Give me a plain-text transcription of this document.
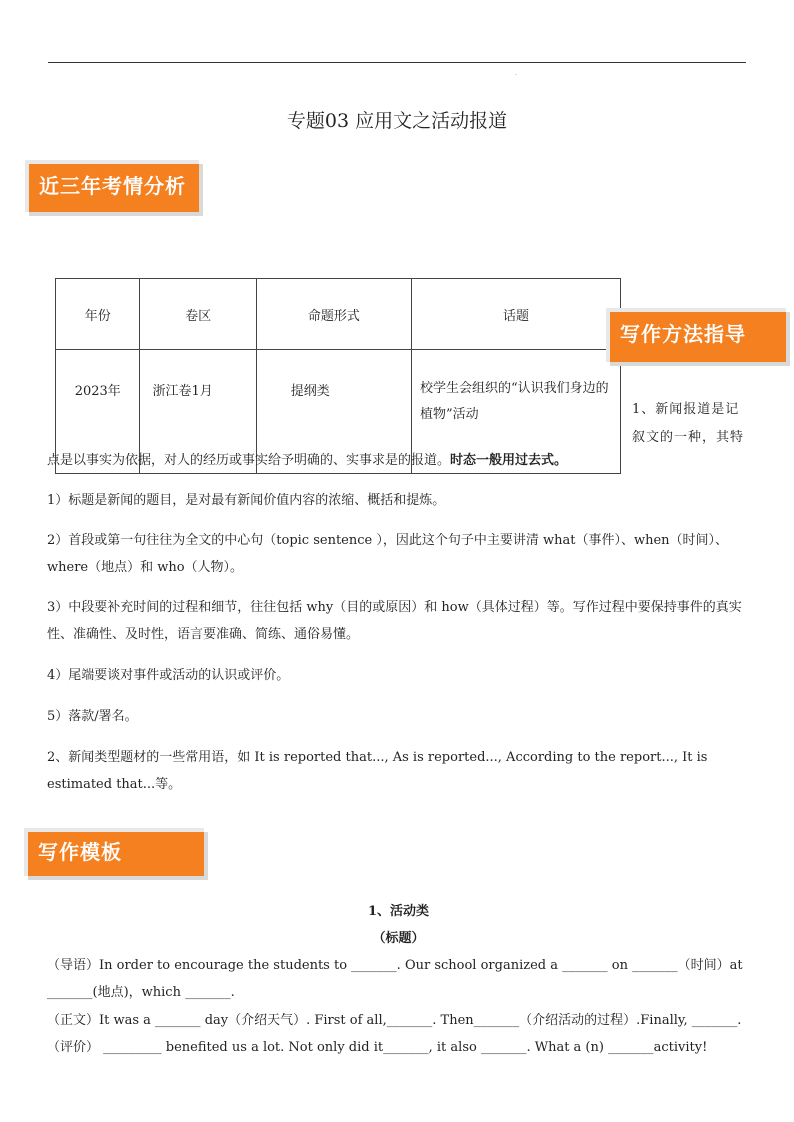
.
专题03 应用文之活动报道
近三年考情分析
年份	卷区	命题形式	话题
2023年	浙江卷1月	提纲类	校学生会组织的“认识我们身边的植物”活动
写作方法指导
1、新闻报道是记叙文的一种，其特
点是以事实为依据，对人的经历或事实给予明确的、实事求是的报道。时态一般用过去式。
1）标题是新闻的题目，是对最有新闻价值内容的浓缩、概括和提炼。
2）首段或第一句往往为全文的中心句（topic sentence ），因此这个句子中主要讲清 what（事件）、when（时间）、where（地点）和 who（人物）。
3）中段要补充时间的过程和细节，往往包括 why（目的或原因）和 how（具体过程）等。写作过程中要保持事件的真实性、准确性、及时性，语言要准确、简练、通俗易懂。
4）尾端要谈对事件或活动的认识或评价。
5）落款/署名。
2、新闻类型题材的一些常用语，如 It is reported that..., As is reported..., According to the report..., It is estimated that...等。
写作模板
1、活动类
（标题）
（导语）In order to encourage the students to _______. Our school organized a _______ on _______（时间）at _______(地点)，which _______.
（正文）It was a _______ day（介绍天气）. First of all,_______. Then_______（介绍活动的过程）.Finally, _______.
（评价） _________ benefited us a lot. Not only did it_______, it also _______. What a (n) _______activity!
